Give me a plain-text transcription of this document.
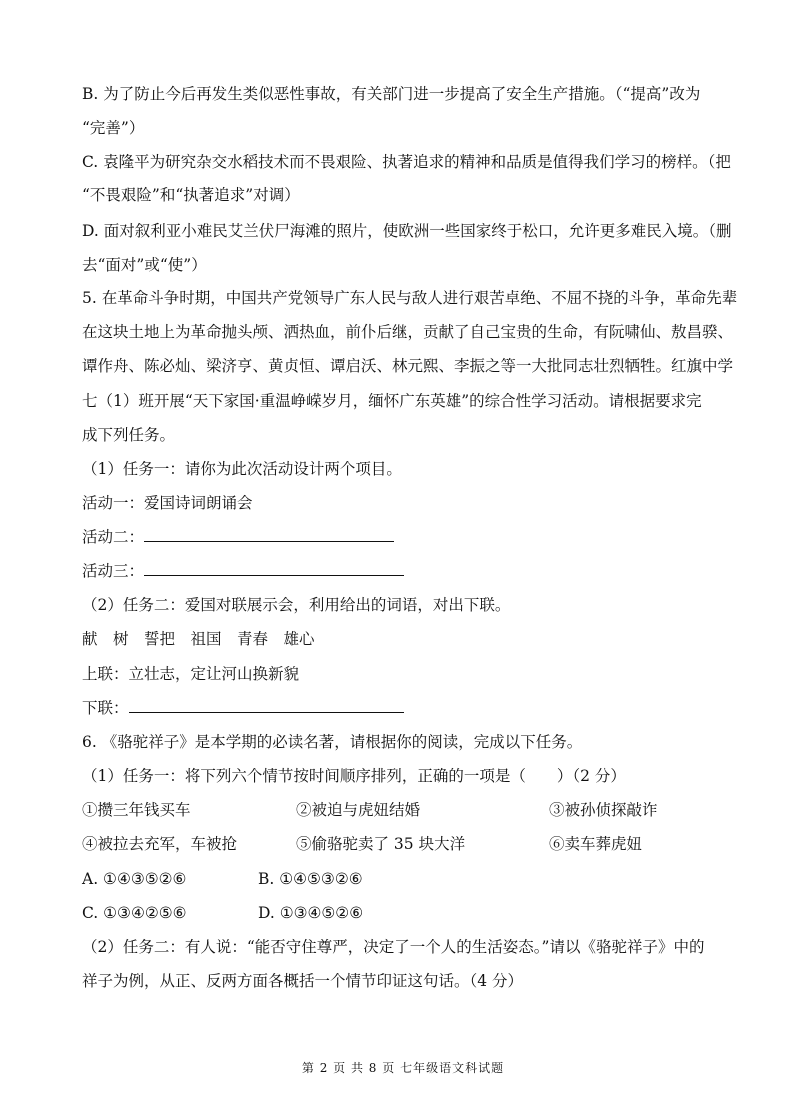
B. 为了防止今后再发生类似恶性事故，有关部门进一步提高了安全生产措施。（“提高”改为
“完善”）
C. 袁隆平为研究杂交水稻技术而不畏艰险、执著追求的精神和品质是值得我们学习的榜样。（把
“不畏艰险”和“执著追求”对调）
D. 面对叙利亚小难民艾兰伏尸海滩的照片，使欧洲一些国家终于松口，允许更多难民入境。（删
去“面对”或“使”）
5. 在革命斗争时期，中国共产党领导广东人民与敌人进行艰苦卓绝、不屈不挠的斗争，革命先辈
在这块土地上为革命抛头颅、洒热血，前仆后继，贡献了自己宝贵的生命，有阮啸仙、敖昌骙、
谭作舟、陈必灿、梁济亨、黄贞恒、谭启沃、林元熙、李振之等一大批同志壮烈牺牲。红旗中学
七（1）班开展“天下家国·重温峥嵘岁月，缅怀广东英雄”的综合性学习活动。请根据要求完
成下列任务。
（1）任务一：请你为此次活动设计两个项目。
活动一：爱国诗词朗诵会
活动二：
活动三：
（2）任务二：爱国对联展示会，利用给出的词语，对出下联。
献　树　誓把　祖国　青春　雄心
上联：立壮志，定让河山换新貌
下联：
6. 《骆驼祥子》是本学期的必读名著，请根据你的阅读，完成以下任务。
（1）任务一：将下列六个情节按时间顺序排列，正确的一项是（　　）（2 分）
①攒三年钱买车	②被迫与虎妞结婚	③被孙侦探敲诈
④被拉去充军，车被抢	⑤偷骆驼卖了 35 块大洋	⑥卖车葬虎妞
A. ①④③⑤②⑥	B. ①④⑤③②⑥
C. ①③④②⑤⑥	D. ①③④⑤②⑥
（2）任务二：有人说：“能否守住尊严，决定了一个人的生活姿态。”请以《骆驼祥子》中的
祥子为例，从正、反两方面各概括一个情节印证这句话。（4 分）
第 2 页 共 8 页 七年级语文科试题
